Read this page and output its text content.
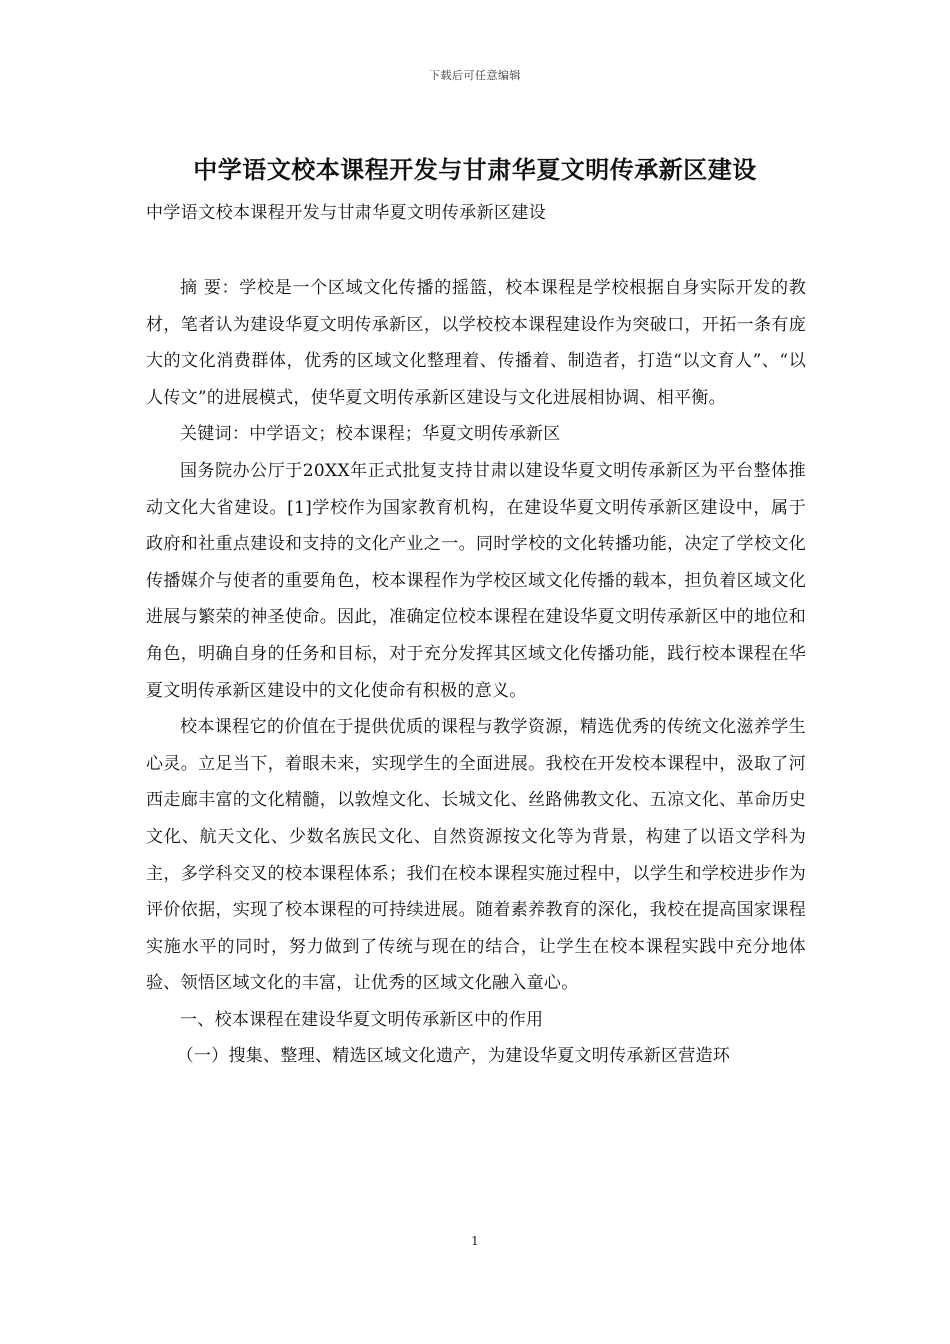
下载后可任意编辑
中学语文校本课程开发与甘肃华夏文明传承新区建设

中学语文校本课程开发与甘肃华夏文明传承新区建设

摘 要：学校是一个区域文化传播的摇篮，校本课程是学校根据自身实际开发的教材，笔者认为建设华夏文明传承新区，以学校校本课程建设作为突破口，开拓一条有庞大的文化消费群体，优秀的区域文化整理着、传播着、制造者，打造“以文育人”、“以人传文”的进展模式，使华夏文明传承新区建设与文化进展相协调、相平衡。

关键词：中学语文；校本课程；华夏文明传承新区

国务院办公厅于20XX年正式批复支持甘肃以建设华夏文明传承新区为平台整体推动文化大省建设。[1]学校作为国家教育机构，在建设华夏文明传承新区建设中，属于政府和社重点建设和支持的文化产业之一。同时学校的文化转播功能，决定了学校文化传播媒介与使者的重要角色，校本课程作为学校区域文化传播的载本，担负着区域文化进展与繁荣的神圣使命。因此，准确定位校本课程在建设华夏文明传承新区中的地位和角色，明确自身的任务和目标，对于充分发挥其区域文化传播功能，践行校本课程在华夏文明传承新区建设中的文化使命有积极的意义。

校本课程它的价值在于提供优质的课程与教学资源，精选优秀的传统文化滋养学生心灵。立足当下，着眼未来，实现学生的全面进展。我校在开发校本课程中，汲取了河西走廊丰富的文化精髓，以敦煌文化、长城文化、丝路佛教文化、五凉文化、革命历史文化、航天文化、少数名族民文化、自然资源按文化等为背景，构建了以语文学科为主，多学科交叉的校本课程体系；我们在校本课程实施过程中，以学生和学校进步作为评价依据，实现了校本课程的可持续进展。随着素养教育的深化，我校在提高国家课程实施水平的同时，努力做到了传统与现在的结合，让学生在校本课程实践中充分地体验、领悟区域文化的丰富，让优秀的区域文化融入童心。

一、校本课程在建设华夏文明传承新区中的作用

（一）搜集、整理、精选区域文化遗产，为建设华夏文明传承新区营造环

1
